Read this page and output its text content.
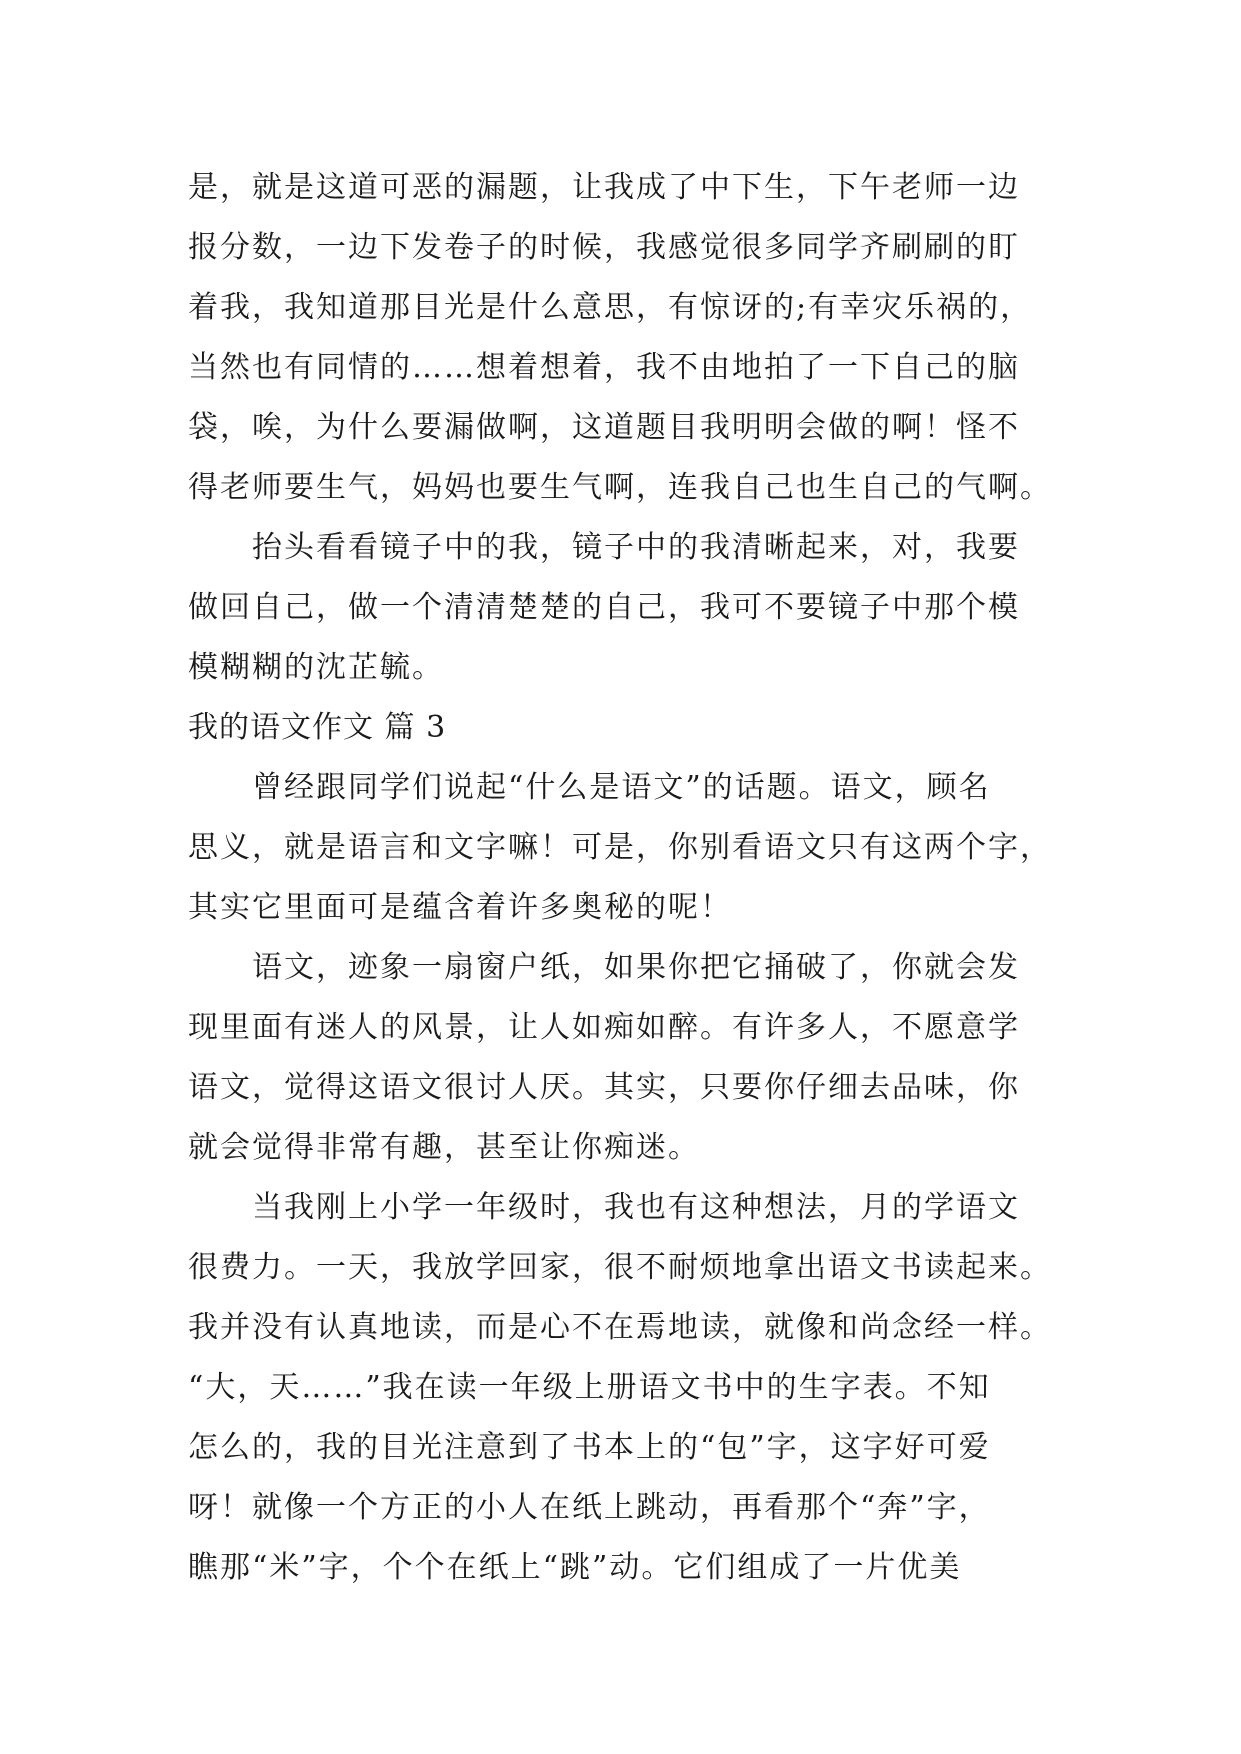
是，就是这道可恶的漏题，让我成了中下生，下午老师一边
报分数，一边下发卷子的时候，我感觉很多同学齐刷刷的盯
着我，我知道那目光是什么意思，有惊讶的;有幸灾乐祸的，
当然也有同情的……想着想着，我不由地拍了一下自己的脑
袋，唉，为什么要漏做啊，这道题目我明明会做的啊！怪不
得老师要生气，妈妈也要生气啊，连我自己也生自己的气啊。
抬头看看镜子中的我，镜子中的我清晰起来，对，我要
做回自己，做一个清清楚楚的自己，我可不要镜子中那个模
模糊糊的沈芷毓。
我的语文作文 篇 3
曾经跟同学们说起“什么是语文”的话题。语文，顾名
思义，就是语言和文字嘛！可是，你别看语文只有这两个字，
其实它里面可是蕴含着许多奥秘的呢！
语文，迹象一扇窗户纸，如果你把它捅破了，你就会发
现里面有迷人的风景，让人如痴如醉。有许多人，不愿意学
语文，觉得这语文很讨人厌。其实，只要你仔细去品味，你
就会觉得非常有趣，甚至让你痴迷。
当我刚上小学一年级时，我也有这种想法，月的学语文
很费力。一天，我放学回家，很不耐烦地拿出语文书读起来。
我并没有认真地读，而是心不在焉地读，就像和尚念经一样。
“大，天……”我在读一年级上册语文书中的生字表。不知
怎么的，我的目光注意到了书本上的“包”字，这字好可爱
呀！就像一个方正的小人在纸上跳动，再看那个“奔”字，
瞧那“米”字，个个在纸上“跳”动。它们组成了一片优美
